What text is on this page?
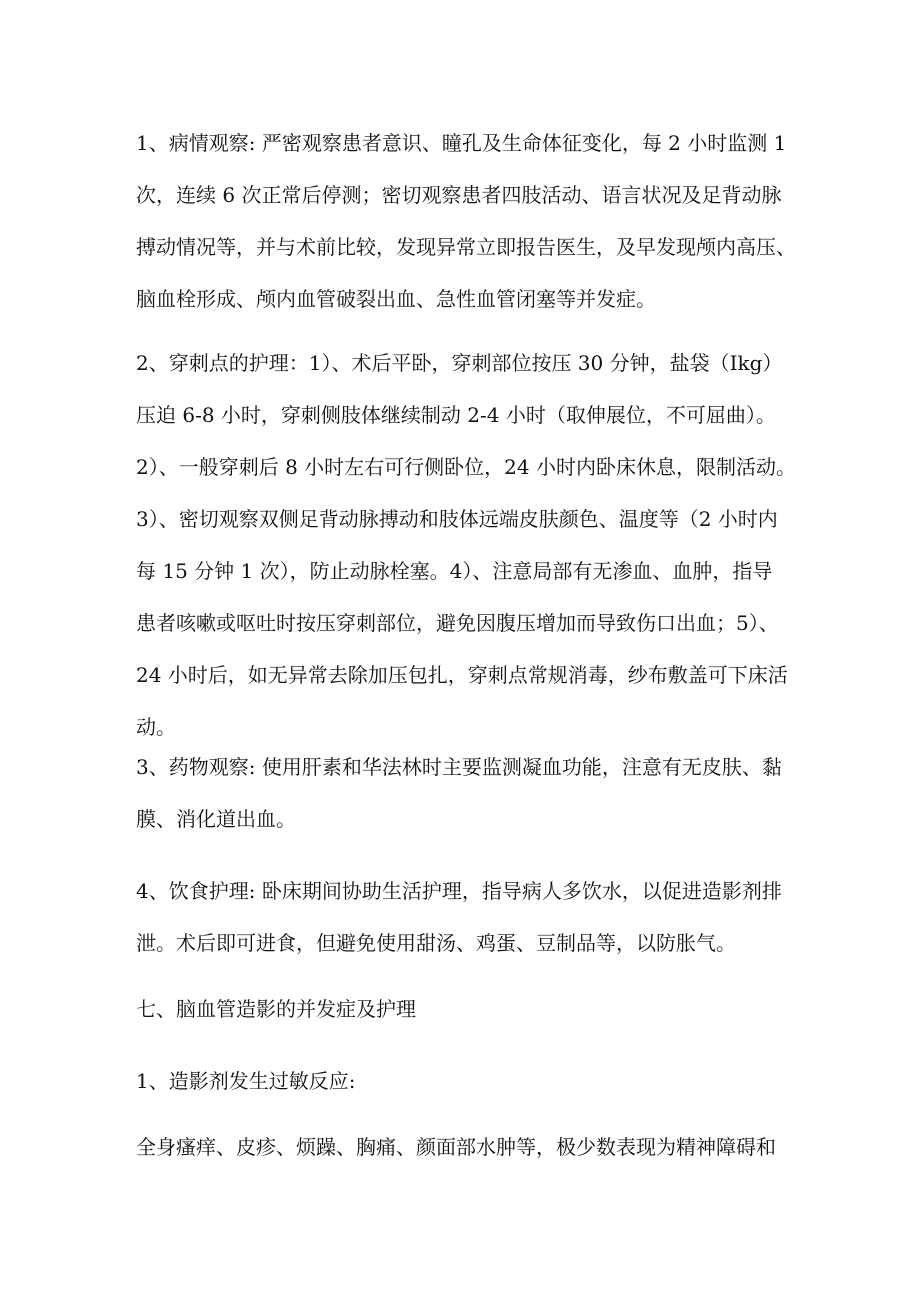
1、病情观察: 严密观察患者意识、瞳孔及生命体征变化，每 2 小时监测 1
次，连续 6 次正常后停测；密切观察患者四肢活动、语言状况及足背动脉
搏动情况等，并与术前比较，发现异常立即报告医生，及早发现颅内高压、
脑血栓形成、颅内血管破裂出血、急性血管闭塞等并发症。
2、穿刺点的护理：1）、术后平卧，穿刺部位按压 30 分钟，盐袋（Ikg）
压迫 6-8 小时，穿刺侧肢体继续制动 2-4 小时（取伸展位，不可屈曲）。
2）、一般穿刺后 8 小时左右可行侧卧位，24 小时内卧床休息，限制活动。
3）、密切观察双侧足背动脉搏动和肢体远端皮肤颜色、温度等（2 小时内
每 15 分钟 1 次），防止动脉栓塞。4）、注意局部有无渗血、血肿，指导
患者咳嗽或呕吐时按压穿刺部位，避免因腹压增加而导致伤口出血；5）、
24 小时后，如无异常去除加压包扎，穿刺点常规消毒，纱布敷盖可下床活
动。
3、药物观察: 使用肝素和华法林时主要监测凝血功能，注意有无皮肤、黏
膜、消化道出血。
4、饮食护理: 卧床期间协助生活护理，指导病人多饮水，以促进造影剂排
泄。术后即可进食，但避免使用甜汤、鸡蛋、豆制品等，以防胀气。
七、脑血管造影的并发症及护理
1、造影剂发生过敏反应:
全身瘙痒、皮疹、烦躁、胸痛、颜面部水肿等，极少数表现为精神障碍和
